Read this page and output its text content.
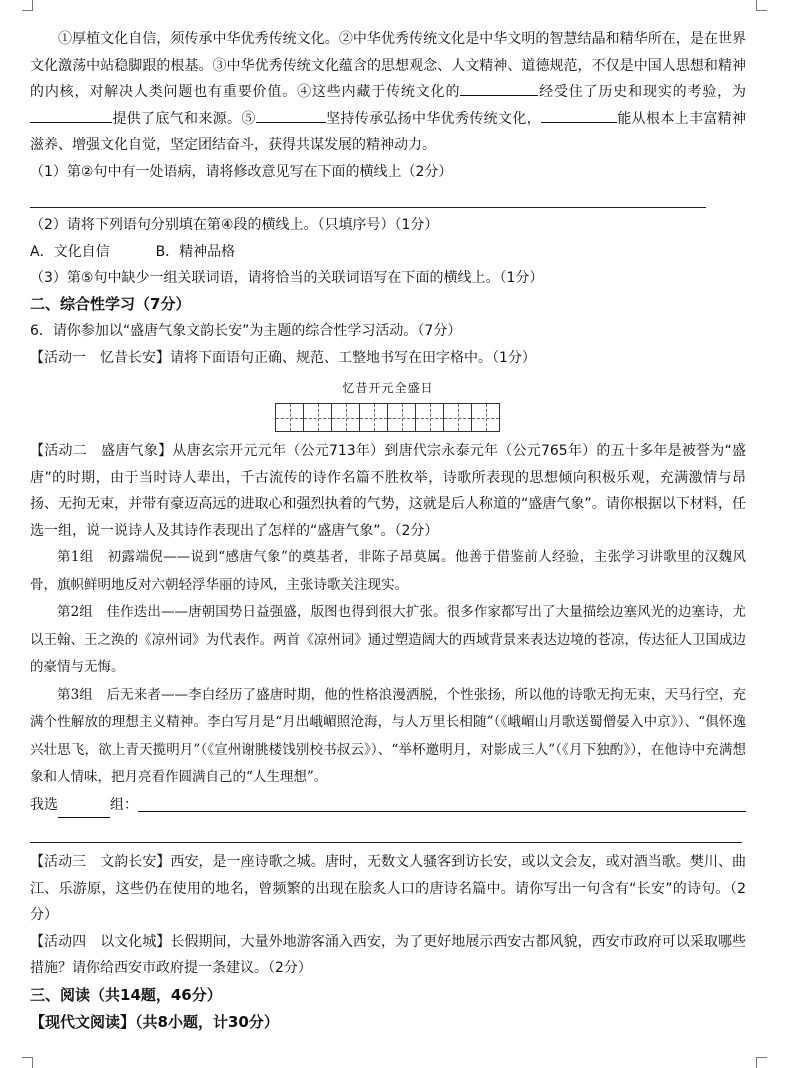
①厚植文化自信，须传承中华优秀传统文化。②中华优秀传统文化是中华文明的智慧结晶和精华所在，是在世界文化激荡中站稳脚跟的根基。③中华优秀传统文化蕴含的思想观念、人文精神、道德规范，不仅是中国人思想和精神的内核，对解决人类问题也有重要价值。④这些内藏于传统文化的	经受住了历史和现实的考验，为提供了底气和来源。⑤	坚持传承弘扬中华优秀传统文化，	能从根本上丰富精神滋养、增强文化自觉，坚定团结奋斗，获得共谋发展的精神动力。

（1）第②句中有一处语病，请将修改意见写在下面的横线上（2分）

（2）请将下列语句分别填在第④段的横线上。（只填序号）（1分）

A．文化自信	B．精神品格

（3）第⑤句中缺少一组关联词语，请将恰当的关联词语写在下面的横线上。（1分）

二、综合性学习（7分）

6．请你参加以“盛唐气象文韵长安”为主题的综合性学习活动。（7分）

【活动一　忆昔长安】请将下面语句正确、规范、工整地书写在田字格中。（1分）

忆昔开元全盛日

【活动二　盛唐气象】从唐玄宗开元元年（公元713年）到唐代宗永泰元年（公元765年）的五十多年是被誉为“盛唐”的时期，由于当时诗人辈出，千古流传的诗作名篇不胜枚举，诗歌所表现的思想倾向积极乐观，充满激情与昂扬、无拘无束，并带有豪迈高远的进取心和强烈执着的气势，这就是后人称道的“盛唐气象”。请你根据以下材料，任选一组，说一说诗人及其诗作表现出了怎样的“盛唐气象”。（2分）

第1组　初露端倪——说到“感唐气象”的奠基者，非陈子昂莫属。他善于借鉴前人经验，主张学习讲歌里的汉魏风骨，旗帜鲜明地反对六朝轻浮华丽的诗风，主张诗歌关注现实。

第2组　佳作迭出——唐朝国势日益强盛，版图也得到很大扩张。很多作家都写出了大量描绘边塞风光的边塞诗，尤以王翰、王之涣的《凉州词》为代表作。两首《凉州词》通过塑造阔大的西域背景来表达边境的苍凉，传达征人卫国成边的豪情与无悔。

第3组　后无来者——李白经历了盛唐时期，他的性格浪漫洒脱，个性张扬，所以他的诗歌无拘无束，天马行空，充满个性解放的理想主义精神。李白写月是“月出峨嵋照沧海，与人万里长相随”（《峨嵋山月歌送蜀僧晏入中京》）、“俱怀逸兴壮思飞，欲上青天揽明月”（《宣州谢朓楼饯别校书叔云》）、“举杯邀明月，对影成三人”（《月下独酌》），在他诗中充满想象和人情味，把月亮看作圆满自己的“人生理想”。

我选	组：

【活动三　文韵长安】西安，是一座诗歌之城。唐时，无数文人骚客到访长安，或以文会友，或对酒当歌。樊川、曲江、乐游原，这些仍在使用的地名，曾频繁的出现在脍炙人口的唐诗名篇中。请你写出一句含有“长安”的诗句。（2分）

【活动四　以文化城】长假期间，大量外地游客涌入西安，为了更好地展示西安古都风貌，西安市政府可以采取哪些措施？请你给西安市政府提一条建议。（2分）

三、阅读（共14题，46分）

【现代文阅读】（共8小题，计30分）
